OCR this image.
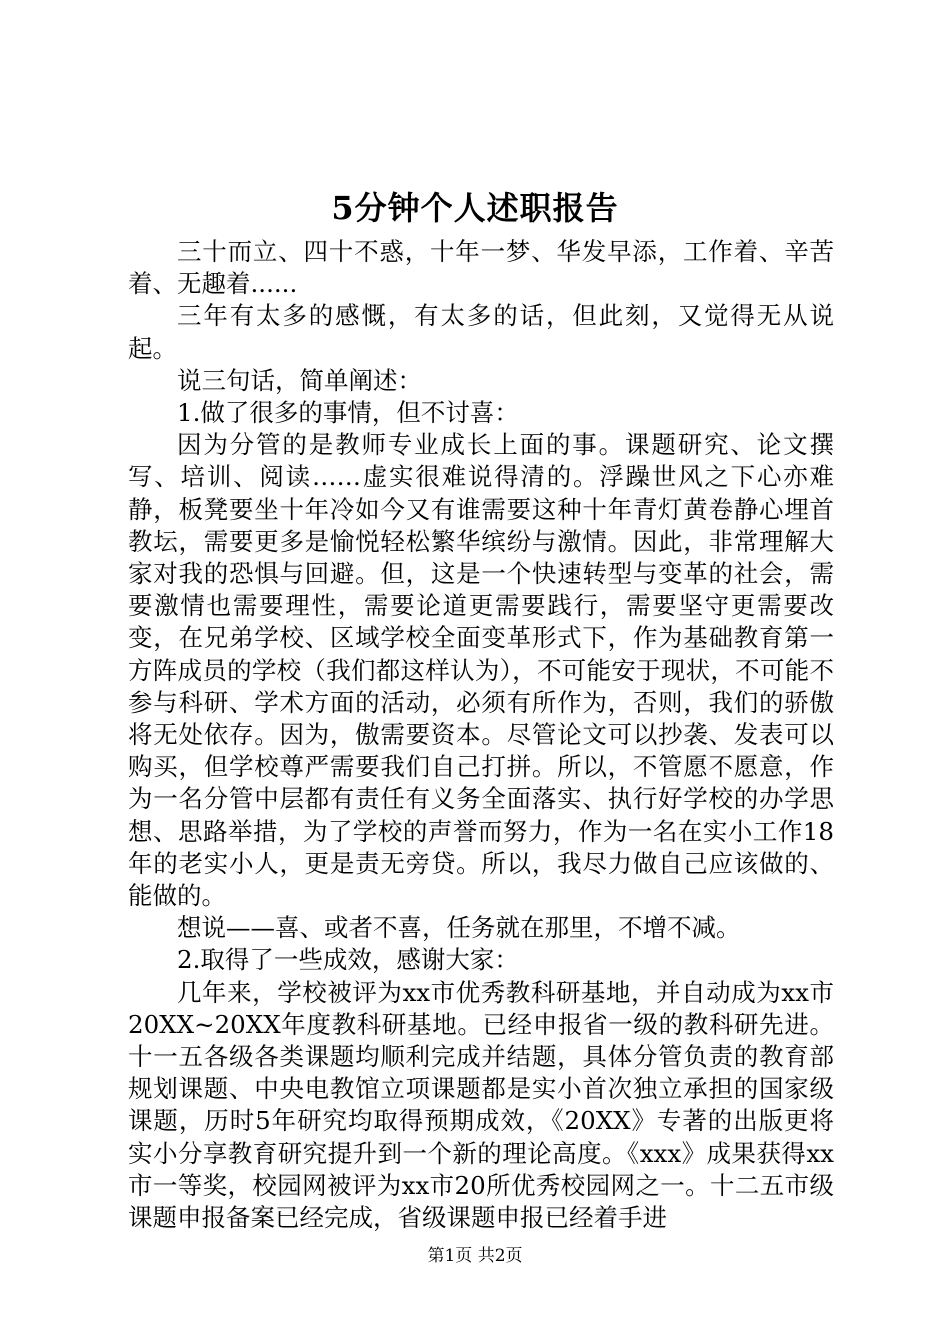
5分钟个人述职报告

三十而立、四十不惑，十年一梦、华发早添，工作着、辛苦着、无趣着......

三年有太多的感慨，有太多的话，但此刻，又觉得无从说起。

说三句话，简单阐述：

1.做了很多的事情，但不讨喜：

因为分管的是教师专业成长上面的事。课题研究、论文撰写、培训、阅读……虚实很难说得清的。浮躁世风之下心亦难静，板凳要坐十年冷如今又有谁需要这种十年青灯黄卷静心埋首教坛，需要更多是愉悦轻松繁华缤纷与激情。因此，非常理解大家对我的恐惧与回避。但，这是一个快速转型与变革的社会，需要激情也需要理性，需要论道更需要践行，需要坚守更需要改变，在兄弟学校、区域学校全面变革形式下，作为基础教育第一方阵成员的学校（我们都这样认为），不可能安于现状，不可能不参与科研、学术方面的活动，必须有所作为，否则，我们的骄傲将无处依存。因为，傲需要资本。尽管论文可以抄袭、发表可以购买，但学校尊严需要我们自己打拼。所以，不管愿不愿意，作为一名分管中层都有责任有义务全面落实、执行好学校的办学思想、思路举措，为了学校的声誉而努力，作为一名在实小工作18年的老实小人，更是责无旁贷。所以，我尽力做自己应该做的、能做的。

想说——喜、或者不喜，任务就在那里，不增不减。

2.取得了一些成效，感谢大家：

几年来，学校被评为xx市优秀教科研基地，并自动成为xx市20XX~20XX年度教科研基地。已经申报省一级的教科研先进。十一五各级各类课题均顺利完成并结题，具体分管负责的教育部规划课题、中央电教馆立项课题都是实小首次独立承担的国家级课题，历时5年研究均取得预期成效，《20XX》专著的出版更将实小分享教育研究提升到一个新的理论高度。《xxx》成果获得xx市一等奖，校园网被评为xx市20所优秀校园网之一。十二五市级课题申报备案已经完成，省级课题申报已经着手进

第1页 共2页
